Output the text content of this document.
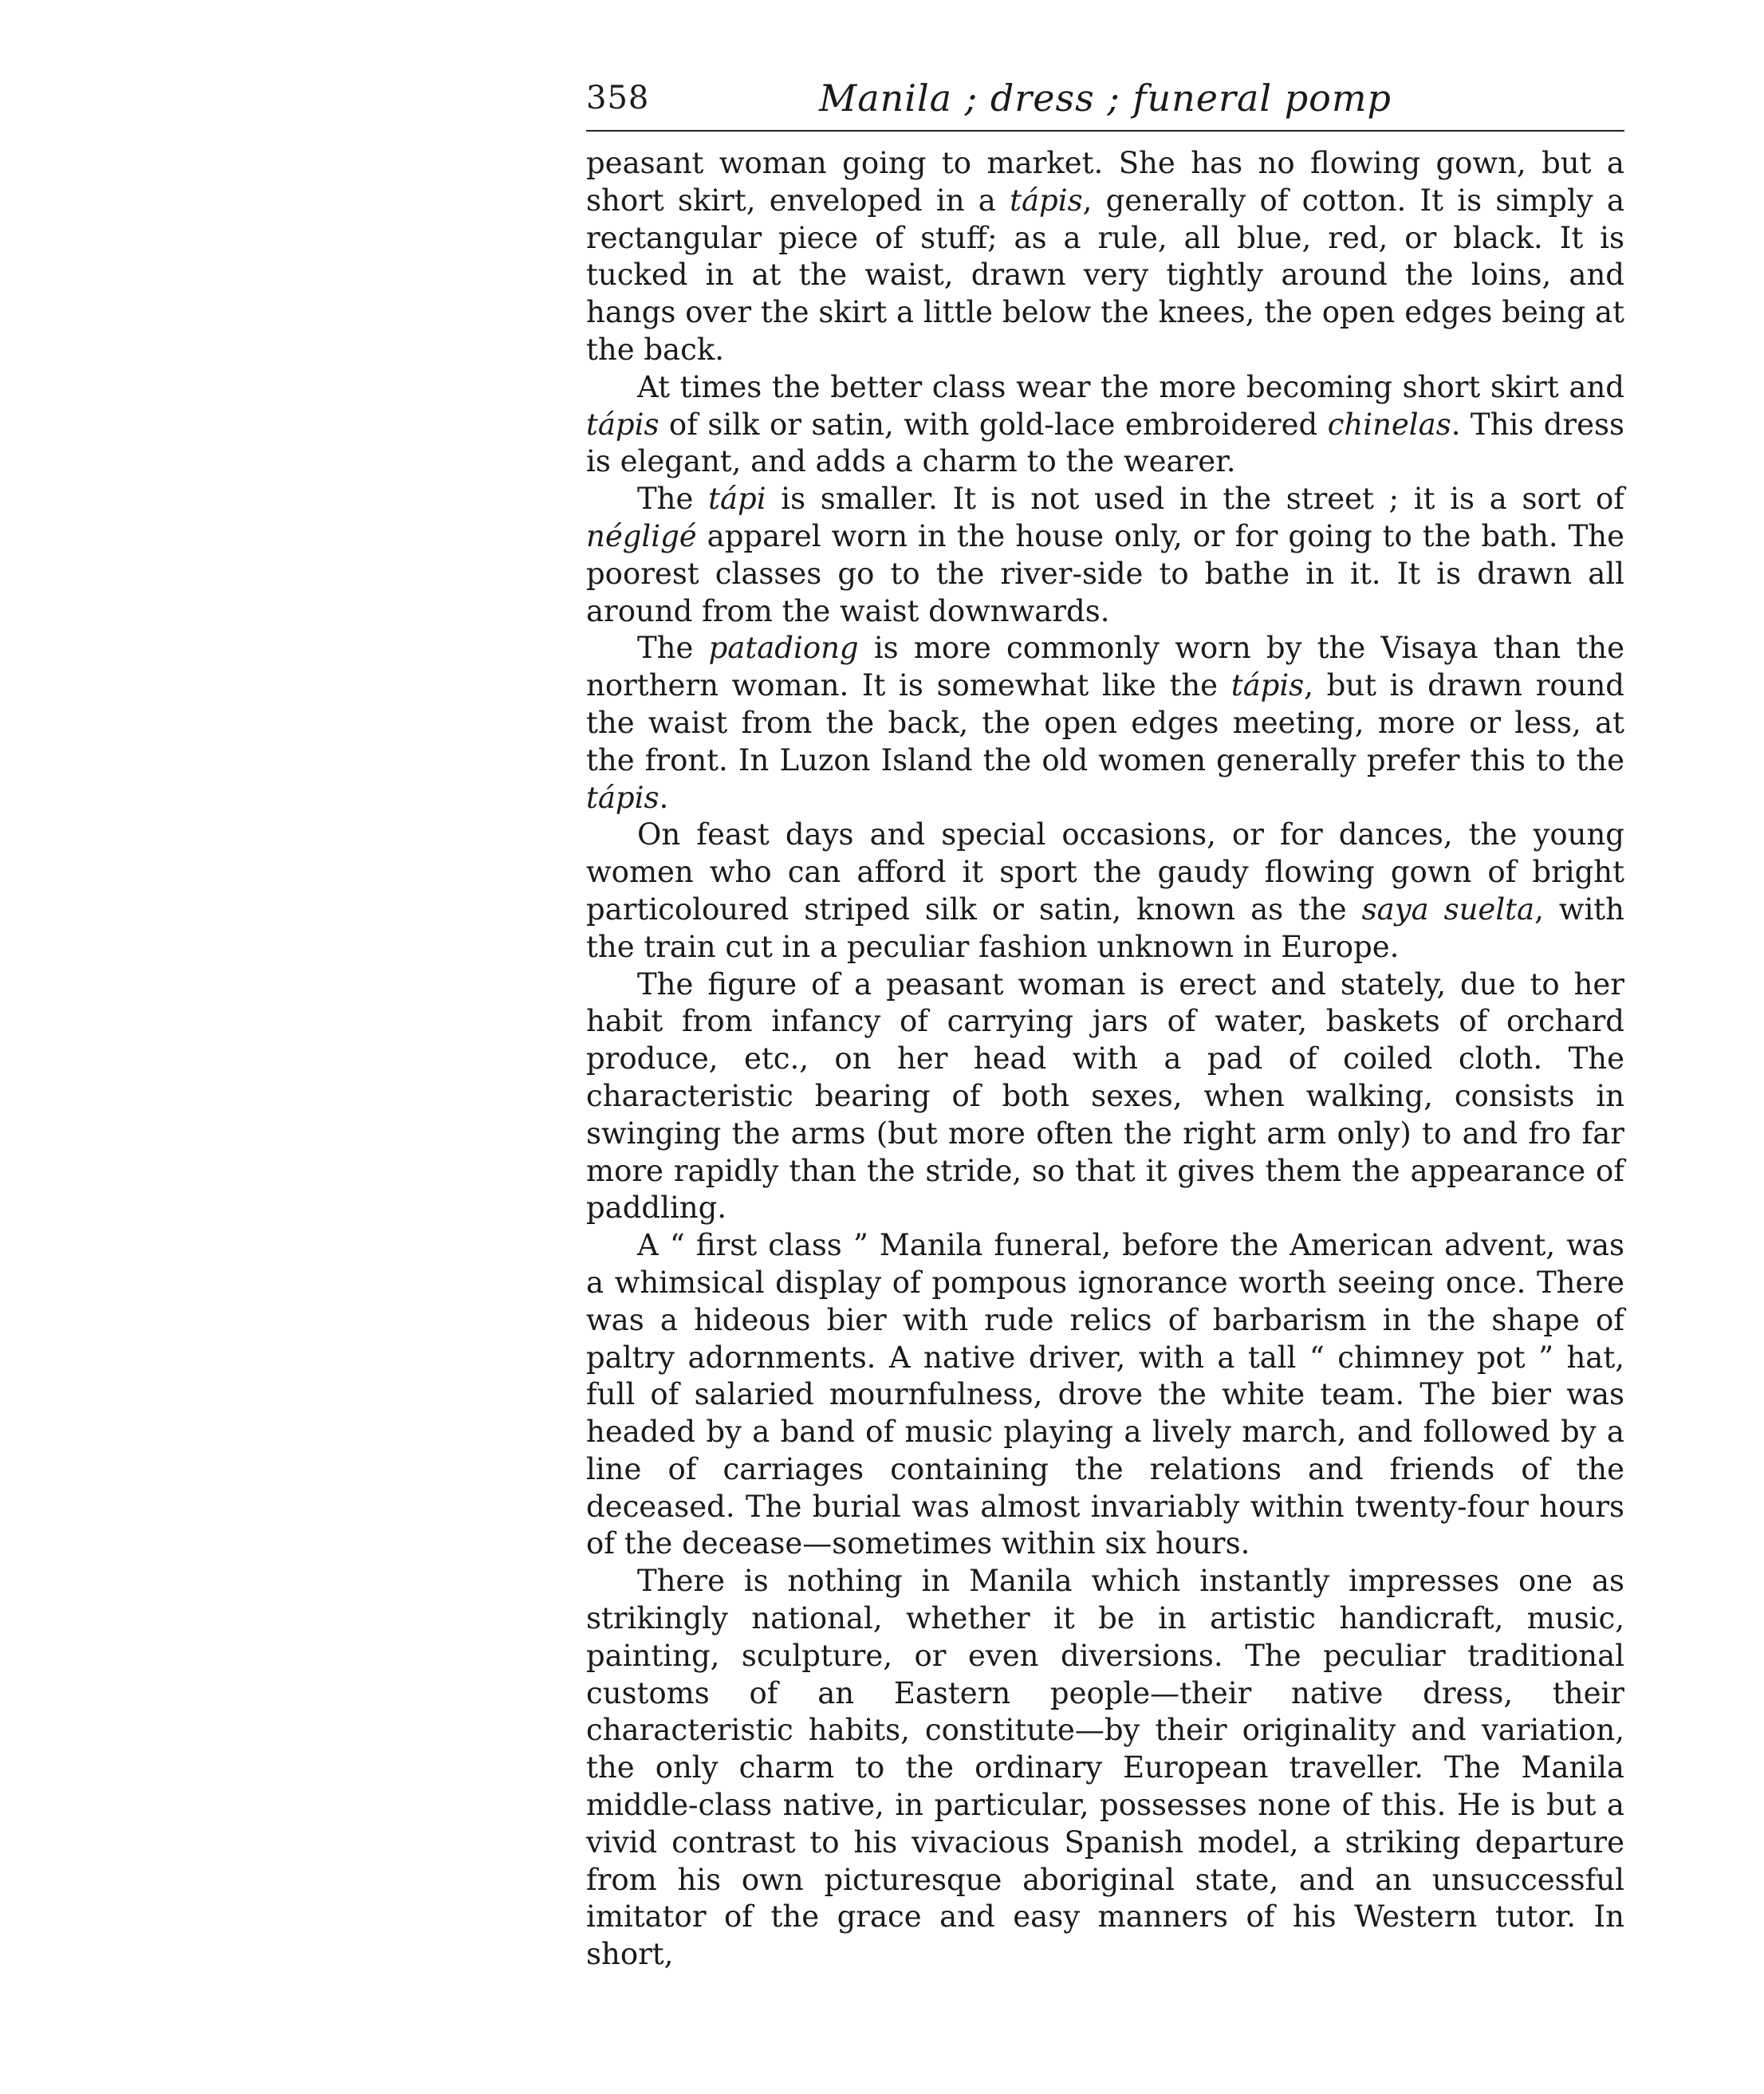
358	Manila ; dress ; funeral pomp

peasant woman going to market. She has no flowing gown, but a short skirt, enveloped in a tápis, generally of cotton. It is simply a rectangular piece of stuff; as a rule, all blue, red, or black. It is tucked in at the waist, drawn very tightly around the loins, and hangs over the skirt a little below the knees, the open edges being at the back.

At times the better class wear the more becoming short skirt and tápis of silk or satin, with gold-lace embroidered chinelas. This dress is elegant, and adds a charm to the wearer.

The tápi is smaller. It is not used in the street ; it is a sort of négligé apparel worn in the house only, or for going to the bath. The poorest classes go to the river-side to bathe in it. It is drawn all around from the waist downwards.

The patadiong is more commonly worn by the Visaya than the northern woman. It is somewhat like the tápis, but is drawn round the waist from the back, the open edges meeting, more or less, at the front. In Luzon Island the old women generally prefer this to the tápis.

On feast days and special occasions, or for dances, the young women who can afford it sport the gaudy flowing gown of bright particoloured striped silk or satin, known as the saya suelta, with the train cut in a peculiar fashion unknown in Europe.

The figure of a peasant woman is erect and stately, due to her habit from infancy of carrying jars of water, baskets of orchard produce, etc., on her head with a pad of coiled cloth. The characteristic bearing of both sexes, when walking, consists in swinging the arms (but more often the right arm only) to and fro far more rapidly than the stride, so that it gives them the appearance of paddling.

A “ first class ” Manila funeral, before the American advent, was a whimsical display of pompous ignorance worth seeing once. There was a hideous bier with rude relics of barbarism in the shape of paltry adornments. A native driver, with a tall “ chimney pot ” hat, full of salaried mournfulness, drove the white team. The bier was headed by a band of music playing a lively march, and followed by a line of carriages containing the relations and friends of the deceased. The burial was almost invariably within twenty-four hours of the decease—sometimes within six hours.

There is nothing in Manila which instantly impresses one as strikingly national, whether it be in artistic handicraft, music, painting, sculpture, or even diversions. The peculiar traditional customs of an Eastern people—their native dress, their characteristic habits, constitute—by their originality and variation, the only charm to the ordinary European traveller. The Manila middle-class native, in particular, possesses none of this. He is but a vivid contrast to his vivacious Spanish model, a striking departure from his own picturesque aboriginal state, and an unsuccessful imitator of the grace and easy manners of his Western tutor. In short,
